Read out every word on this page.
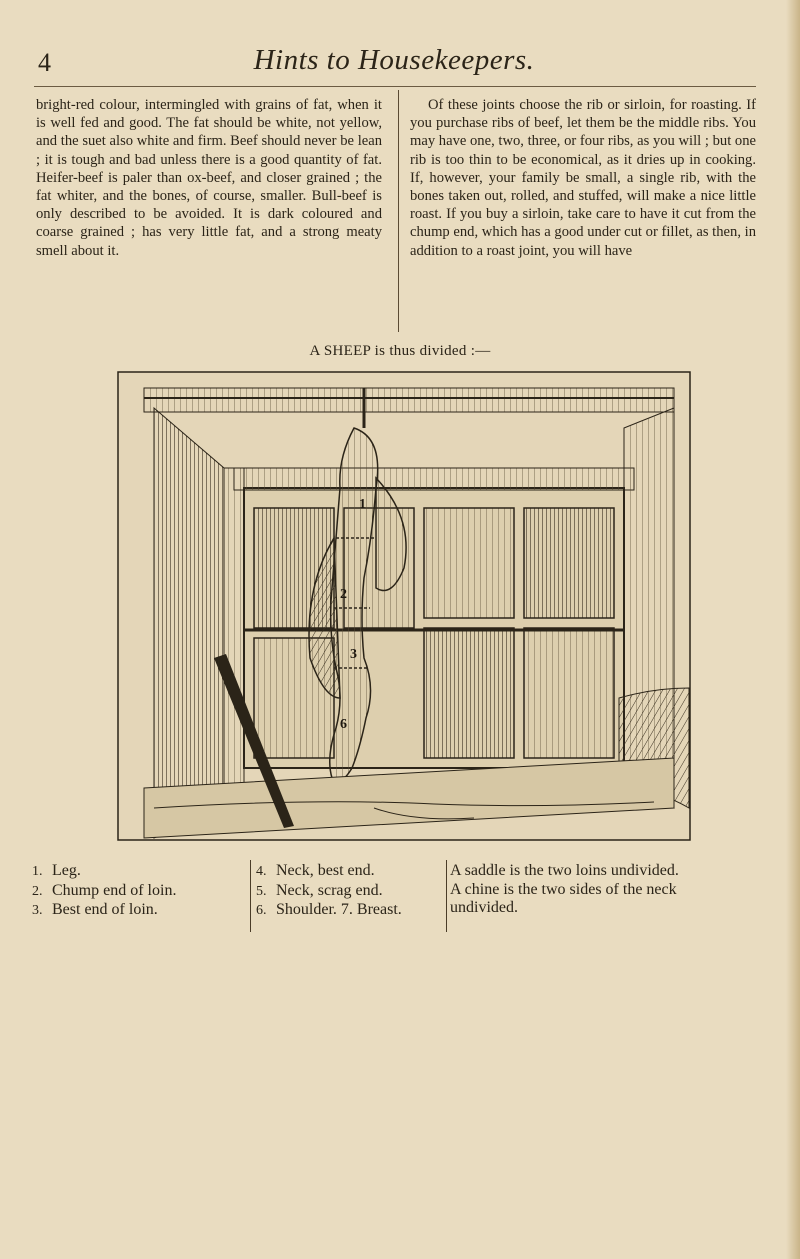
4	Hints to Housekeepers.

bright-red colour, intermingled with grains of fat, when it is well fed and good. The fat should be white, not yellow, and the suet also white and firm. Beef should never be lean ; it is tough and bad unless there is a good quantity of fat. Heifer-beef is paler than ox-beef, and closer grained ; the fat whiter, and the bones, of course, smaller. Bull-beef is only described to be avoided. It is dark coloured and coarse grained ; has very little fat, and a strong meaty smell about it.

Of these joints choose the rib or sirloin, for roasting. If you purchase ribs of beef, let them be the middle ribs. You may have one, two, three, or four ribs, as you will ; but one rib is too thin to be economical, as it dries up in cooking. If, however, your family be small, a single rib, with the bones taken out, rolled, and stuffed, will make a nice little roast. If you buy a sirloin, take care to have it cut from the chump end, which has a good under cut or fillet, as then, in addition to a roast joint, you will have

A SHEEP is thus divided :—
1
2
3
6
1. Leg.
2. Chump end of loin.
3. Best end of loin.
4. Neck, best end.
5. Neck, scrag end.
6. Shoulder. 7. Breast.
A saddle is the two loins undivided.
A chine is the two sides of the neck
undivided.
